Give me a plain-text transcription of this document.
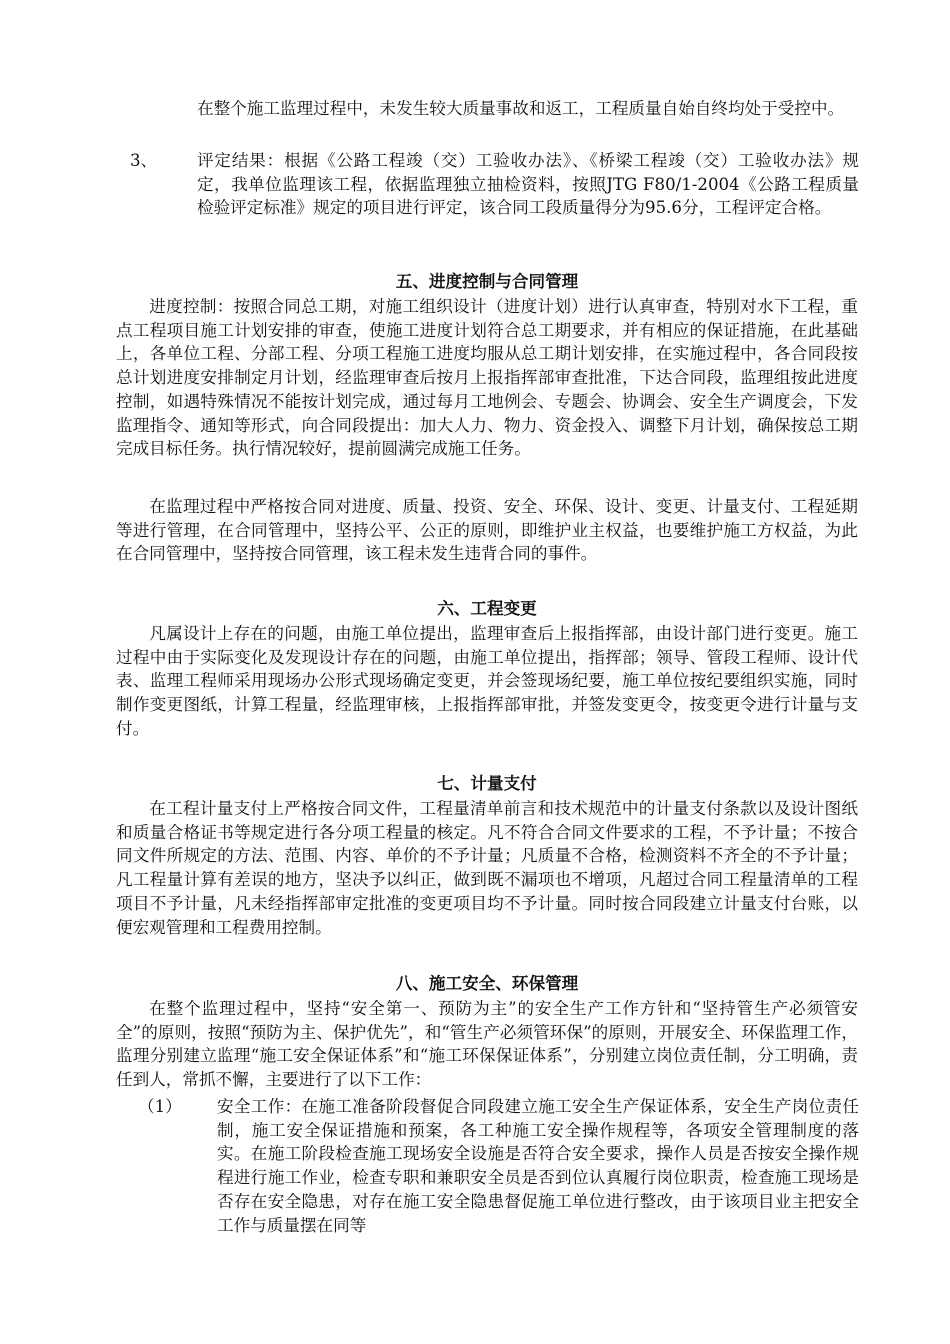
在整个施工监理过程中，未发生较大质量事故和返工，工程质量自始自终均处于受控中。

3、 评定结果：根据《公路工程竣（交）工验收办法》、《桥梁工程竣（交）工验收办法》规定，我单位监理该工程，依据监理独立抽检资料，按照JTG F80/1-2004《公路工程质量检验评定标准》规定的项目进行评定，该合同工段质量得分为95.6分，工程评定合格。

五、进度控制与合同管理

进度控制：按照合同总工期，对施工组织设计（进度计划）进行认真审查，特别对水下工程，重点工程项目施工计划安排的审查，使施工进度计划符合总工期要求，并有相应的保证措施，在此基础上，各单位工程、分部工程、分项工程施工进度均服从总工期计划安排，在实施过程中，各合同段按总计划进度安排制定月计划，经监理审查后按月上报指挥部审查批准，下达合同段，监理组按此进度控制，如遇特殊情况不能按计划完成，通过每月工地例会、专题会、协调会、安全生产调度会，下发监理指令、通知等形式，向合同段提出：加大人力、物力、资金投入、调整下月计划，确保按总工期完成目标任务。执行情况较好，提前圆满完成施工任务。

在监理过程中严格按合同对进度、质量、投资、安全、环保、设计、变更、计量支付、工程延期等进行管理，在合同管理中，坚持公平、公正的原则，即维护业主权益，也要维护施工方权益，为此在合同管理中，坚持按合同管理，该工程未发生违背合同的事件。

六、工程变更

凡属设计上存在的问题，由施工单位提出，监理审查后上报指挥部，由设计部门进行变更。施工过程中由于实际变化及发现设计存在的问题，由施工单位提出，指挥部；领导、管段工程师、设计代表、监理工程师采用现场办公形式现场确定变更，并会签现场纪要，施工单位按纪要组织实施，同时制作变更图纸，计算工程量，经监理审核，上报指挥部审批，并签发变更令，按变更令进行计量与支付。

七、计量支付

在工程计量支付上严格按合同文件，工程量清单前言和技术规范中的计量支付条款以及设计图纸和质量合格证书等规定进行各分项工程量的核定。凡不符合合同文件要求的工程，不予计量；不按合同文件所规定的方法、范围、内容、单价的不予计量；凡质量不合格，检测资料不齐全的不予计量；凡工程量计算有差误的地方，坚决予以纠正，做到既不漏项也不增项，凡超过合同工程量清单的工程项目不予计量，凡未经指挥部审定批准的变更项目均不予计量。同时按合同段建立计量支付台账，以便宏观管理和工程费用控制。

八、施工安全、环保管理

在整个监理过程中，坚持“安全第一、预防为主”的安全生产工作方针和“坚持管生产必须管安全”的原则，按照“预防为主、保护优先”，和“管生产必须管环保”的原则，开展安全、环保监理工作，监理分别建立监理“施工安全保证体系”和“施工环保保证体系”，分别建立岗位责任制，分工明确，责任到人，常抓不懈，主要进行了以下工作：

（1） 安全工作：在施工准备阶段督促合同段建立施工安全生产保证体系，安全生产岗位责任制，施工安全保证措施和预案，各工种施工安全操作规程等，各项安全管理制度的落实。在施工阶段检查施工现场安全设施是否符合安全要求，操作人员是否按安全操作规程进行施工作业，检查专职和兼职安全员是否到位认真履行岗位职责，检查施工现场是否存在安全隐患，对存在施工安全隐患督促施工单位进行整改，由于该项目业主把安全工作与质量摆在同等
